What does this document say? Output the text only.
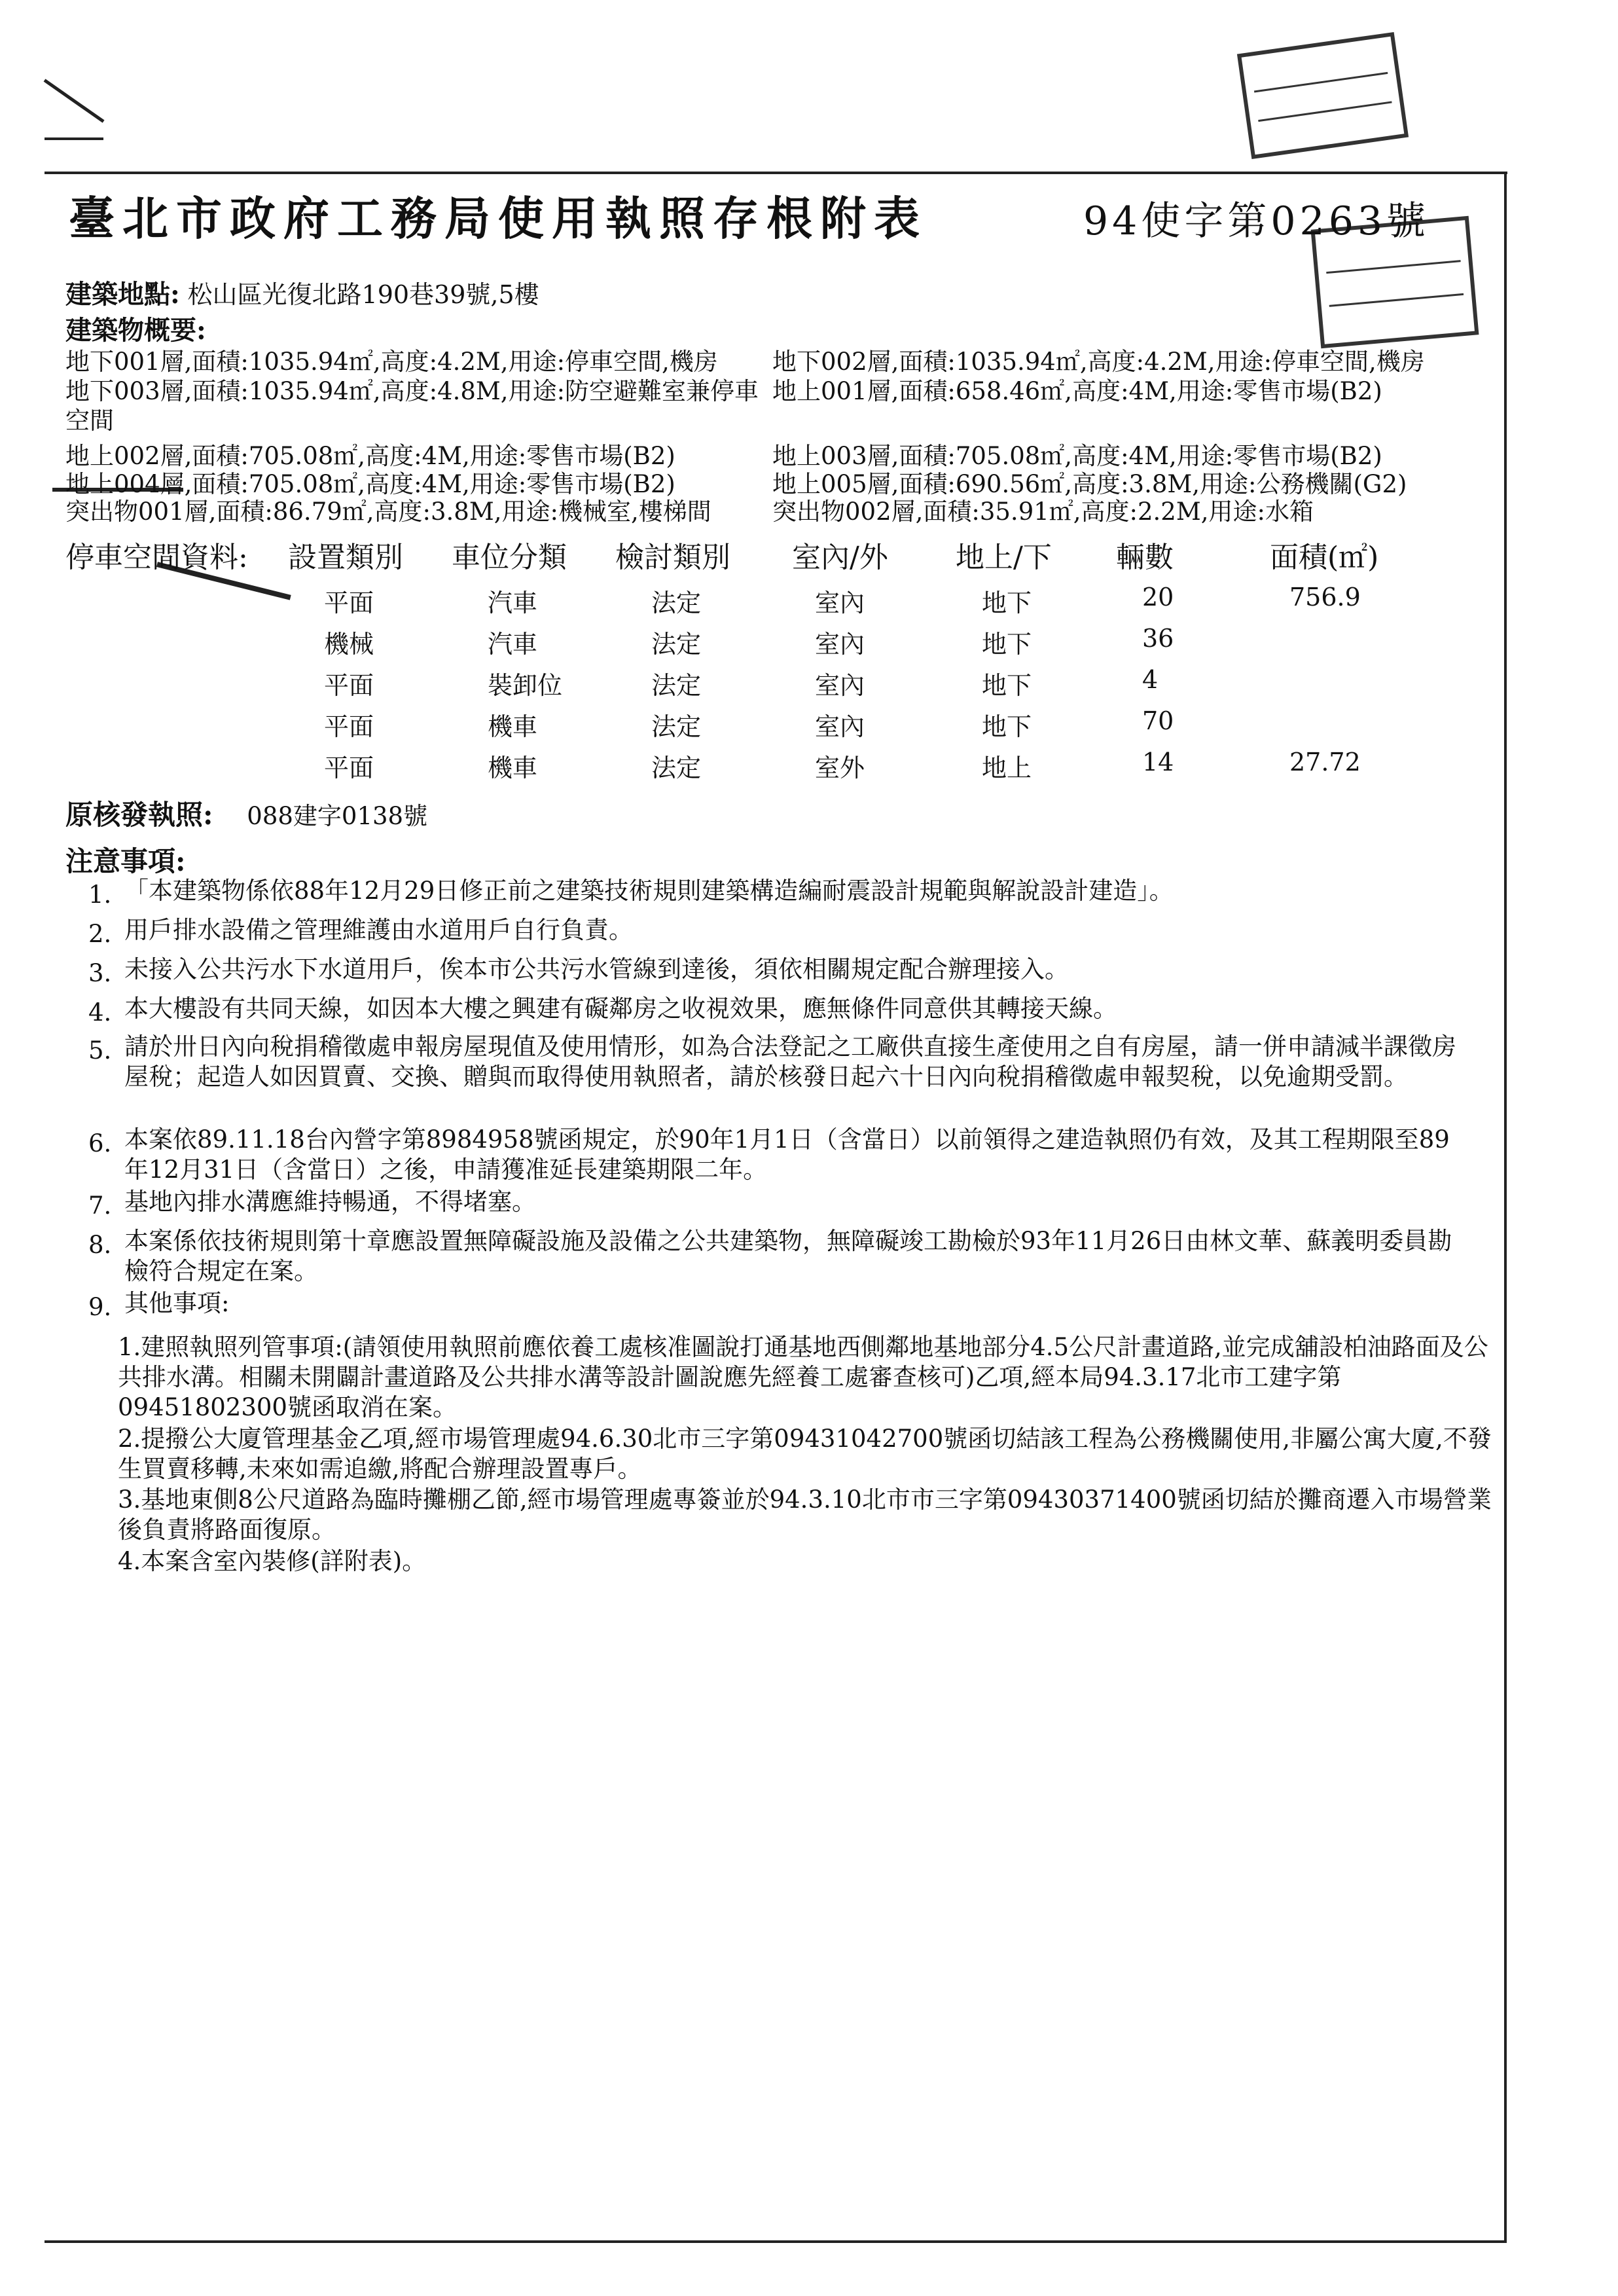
臺北市政府工務局使用執照存根附表	94使字第0263號
建築地點: 松山區光復北路190巷39號,5樓
建築物概要:
地下001層,面積:1035.94㎡,高度:4.2M,用途:停車空間,機房 地下002層,面積:1035.94㎡,高度:4.2M,用途:停車空間,機房
地下003層,面積:1035.94㎡,高度:4.8M,用途:防空避難室兼停車 地上001層,面積:658.46㎡,高度:4M,用途:零售市場(B2)
空間
地上002層,面積:705.08㎡,高度:4M,用途:零售市場(B2)	地上003層,面積:705.08㎡,高度:4M,用途:零售市場(B2)
地上004層,面積:705.08㎡,高度:4M,用途:零售市場(B2)	地上005層,面積:690.56㎡,高度:3.8M,用途:公務機關(G2)
突出物001層,面積:86.79㎡,高度:3.8M,用途:機械室,樓梯間	突出物002層,面積:35.91㎡,高度:2.2M,用途:水箱
停車空間資料: 設置類別 車位分類 檢討類別 室內/外 地上/下 輛數	面積(㎡)
平面	汽車	法定	室內	地下	20	756.9
機械	汽車	法定	室內	地下	36
平面	裝卸位	法定	室內	地下	4
平面	機車	法定	室內	地下	70
平面	機車	法定	室外	地上	14	27.72
原核發執照: 088建字0138號
注意事項:
1. 「本建築物係依88年12月29日修正前之建築技術規則建築構造編耐震設計規範與解說設計建造」。
2. 用戶排水設備之管理維護由水道用戶自行負責。
3. 未接入公共污水下水道用戶，俟本市公共污水管線到達後，須依相關規定配合辦理接入。
4. 本大樓設有共同天線，如因本大樓之興建有礙鄰房之收視效果，應無條件同意供其轉接天線。
5. 請於卅日內向稅捐稽徵處申報房屋現值及使用情形，如為合法登記之工廠供直接生產使用之自有房屋，請一併申請減半課徵房屋稅；起造人如因買賣、交換、贈與而取得使用執照者，請於核發日起六十日內向稅捐稽徵處申報契稅，以免逾期受罰。
6. 本案依89.11.18台內營字第8984958號函規定，於90年1月1日（含當日）以前領得之建造執照仍有效，及其工程期限至89年12月31日（含當日）之後，申請獲准延長建築期限二年。
7. 基地內排水溝應維持暢通，不得堵塞。
8. 本案係依技術規則第十章應設置無障礙設施及設備之公共建築物，無障礙竣工勘檢於93年11月26日由林文華、蘇義明委員勘檢符合規定在案。
9. 其他事項:
1.建照執照列管事項:(請領使用執照前應依養工處核准圖說打通基地西側鄰地基地部分4.5公尺計畫道路,並完成舖設柏油路面及公共排水溝。相關未開闢計畫道路及公共排水溝等設計圖說應先經養工處審查核可)乙項,經本局94.3.17北市工建字第09451802300號函取消在案。
2.提撥公大廈管理基金乙項,經市場管理處94.6.30北市三字第09431042700號函切結該工程為公務機關使用,非屬公寓大廈,不發生買賣移轉,未來如需追繳,將配合辦理設置專戶。
3.基地東側8公尺道路為臨時攤棚乙節,經市場管理處專簽並於94.3.10北市市三字第09430371400號函切結於攤商遷入市場營業後負責將路面復原。
4.本案含室內裝修(詳附表)。
